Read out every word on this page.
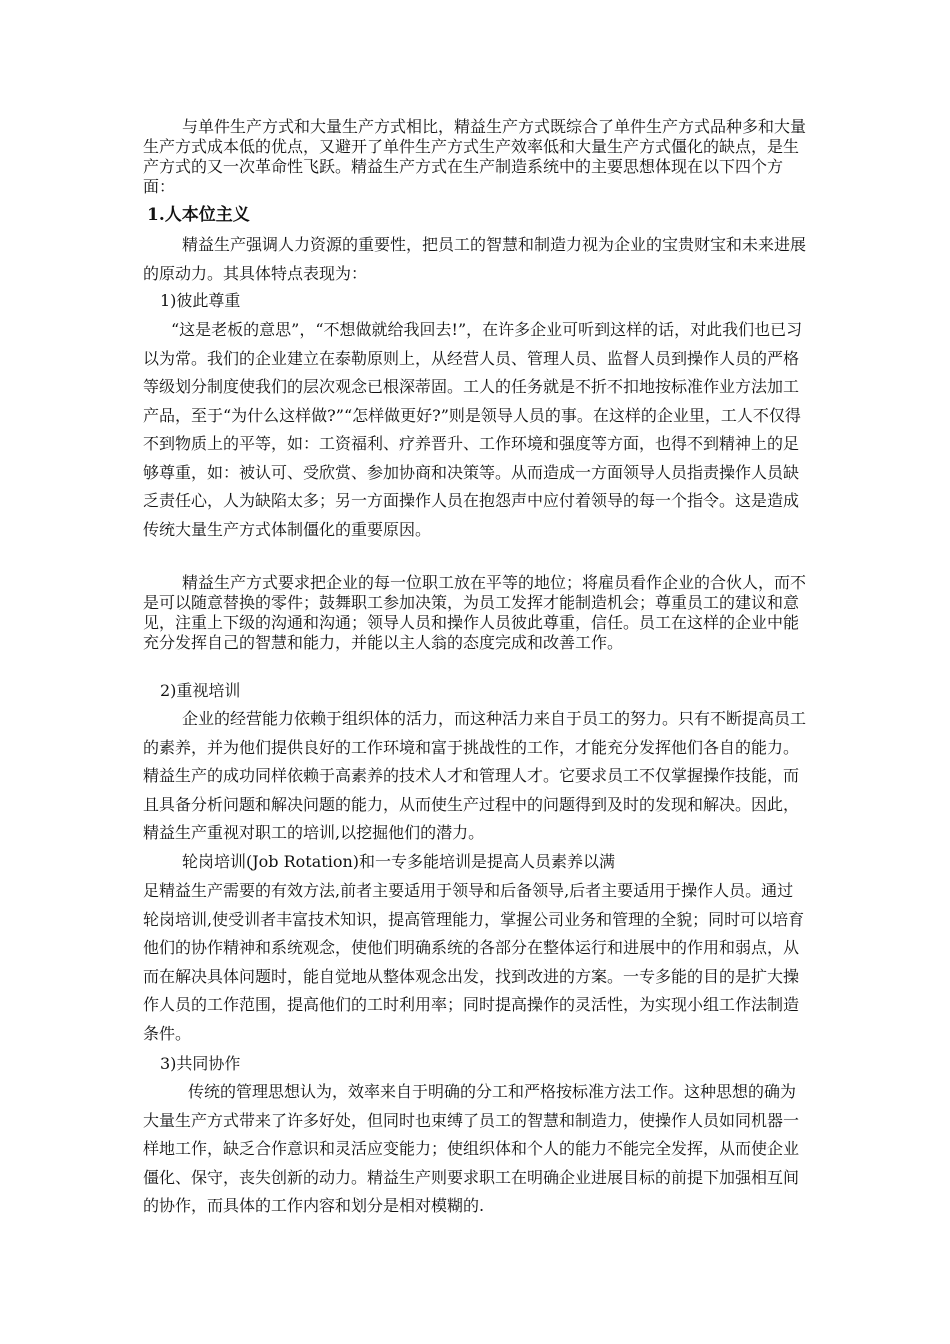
与单件生产方式和大量生产方式相比，精益生产方式既综合了单件生产方式品种多和大量生产方式成本低的优点，又避开了单件生产方式生产效率低和大量生产方式僵化的缺点，是生产方式的又一次革命性飞跃。精益生产方式在生产制造系统中的主要思想体现在以下四个方面：

1.人本位主义

精益生产强调人力资源的重要性，把员工的智慧和制造力视为企业的宝贵财宝和未来进展的原动力。其具体特点表现为：

1)彼此尊重

“这是老板的意思”，“不想做就给我回去!”，在许多企业可听到这样的话，对此我们也已习以为常。我们的企业建立在泰勒原则上，从经营人员、管理人员、监督人员到操作人员的严格等级划分制度使我们的层次观念已根深蒂固。工人的任务就是不折不扣地按标准作业方法加工产品，至于“为什么这样做?”“怎样做更好?”则是领导人员的事。在这样的企业里，工人不仅得不到物质上的平等，如：工资福利、疗养晋升、工作环境和强度等方面，也得不到精神上的足够尊重，如：被认可、受欣赏、参加协商和决策等。从而造成一方面领导人员指责操作人员缺乏责任心，人为缺陷太多；另一方面操作人员在抱怨声中应付着领导的每一个指令。这是造成传统大量生产方式体制僵化的重要原因。

精益生产方式要求把企业的每一位职工放在平等的地位；将雇员看作企业的合伙人，而不是可以随意替换的零件；鼓舞职工参加决策，为员工发挥才能制造机会；尊重员工的建议和意见，注重上下级的沟通和沟通；领导人员和操作人员彼此尊重，信任。员工在这样的企业中能充分发挥自己的智慧和能力，并能以主人翁的态度完成和改善工作。

2)重视培训

企业的经营能力依赖于组织体的活力，而这种活力来自于员工的努力。只有不断提高员工的素养，并为他们提供良好的工作环境和富于挑战性的工作，才能充分发挥他们各自的能力。精益生产的成功同样依赖于高素养的技术人才和管理人才。它要求员工不仅掌握操作技能，而且具备分析问题和解决问题的能力，从而使生产过程中的问题得到及时的发现和解决。因此，精益生产重视对职工的培训,以挖掘他们的潜力。

轮岗培训(Job Rotation)和一专多能培训是提高人员素养以满

足精益生产需要的有效方法,前者主要适用于领导和后备领导,后者主要适用于操作人员。通过轮岗培训,使受训者丰富技术知识，提高管理能力，掌握公司业务和管理的全貌；同时可以培育他们的协作精神和系统观念，使他们明确系统的各部分在整体运行和进展中的作用和弱点，从而在解决具体问题时，能自觉地从整体观念出发，找到改进的方案。一专多能的目的是扩大操作人员的工作范围，提高他们的工时利用率；同时提高操作的灵活性，为实现小组工作法制造条件。

3)共同协作

传统的管理思想认为，效率来自于明确的分工和严格按标准方法工作。这种思想的确为大量生产方式带来了许多好处，但同时也束缚了员工的智慧和制造力，使操作人员如同机器一样地工作，缺乏合作意识和灵活应变能力；使组织体和个人的能力不能完全发挥，从而使企业僵化、保守，丧失创新的动力。精益生产则要求职工在明确企业进展目标的前提下加强相互间的协作，而具体的工作内容和划分是相对模糊的.
